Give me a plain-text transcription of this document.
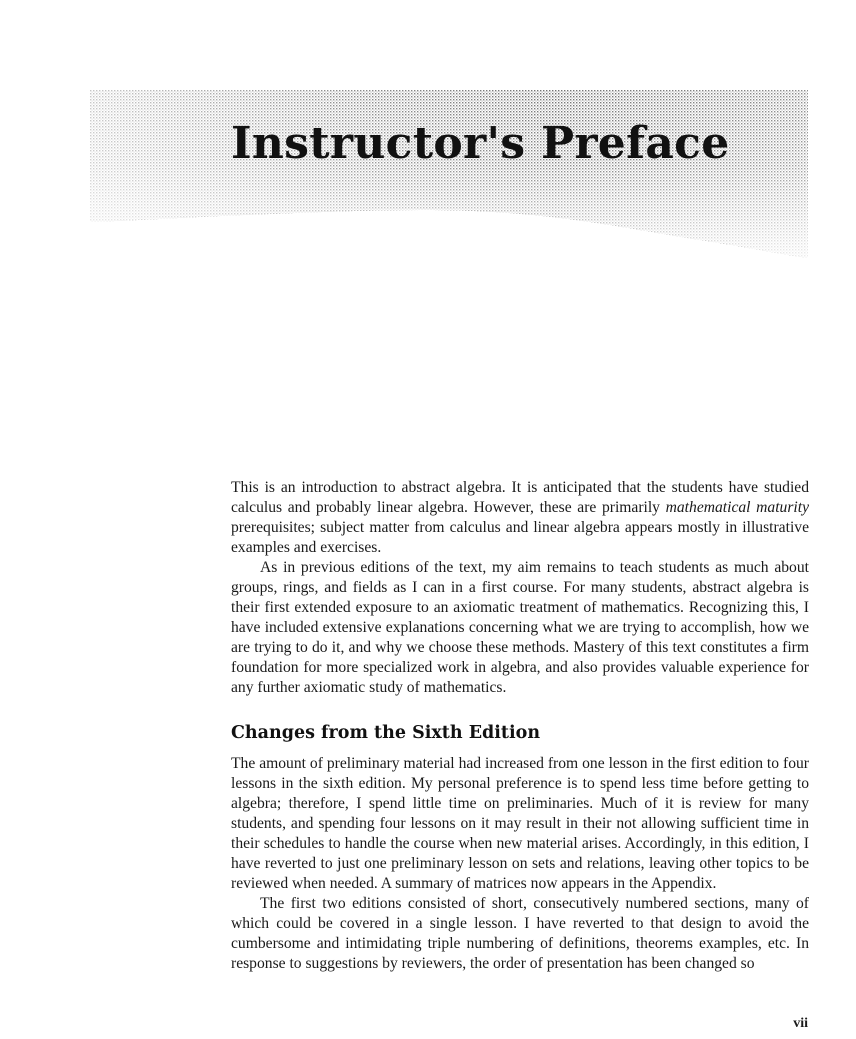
Instructor's Preface

This is an introduction to abstract algebra. It is anticipated that the students have studied calculus and probably linear algebra. However, these are primarily mathematical maturity prerequisites; subject matter from calculus and linear algebra appears mostly in illustrative examples and exercises.

As in previous editions of the text, my aim remains to teach students as much about groups, rings, and fields as I can in a first course. For many students, abstract algebra is their first extended exposure to an axiomatic treatment of mathematics. Recognizing this, I have included extensive explanations concerning what we are trying to accomplish, how we are trying to do it, and why we choose these methods. Mastery of this text constitutes a firm foundation for more specialized work in algebra, and also provides valuable experience for any further axiomatic study of mathematics.

Changes from the Sixth Edition

The amount of preliminary material had increased from one lesson in the first edition to four lessons in the sixth edition. My personal preference is to spend less time before getting to algebra; therefore, I spend little time on preliminaries. Much of it is review for many students, and spending four lessons on it may result in their not allowing sufficient time in their schedules to handle the course when new material arises. Accordingly, in this edition, I have reverted to just one preliminary lesson on sets and relations, leaving other topics to be reviewed when needed. A summary of matrices now appears in the Appendix.

The first two editions consisted of short, consecutively numbered sections, many of which could be covered in a single lesson. I have reverted to that design to avoid the cumbersome and intimidating triple numbering of definitions, theorems examples, etc. In response to suggestions by reviewers, the order of presentation has been changed so

vii
